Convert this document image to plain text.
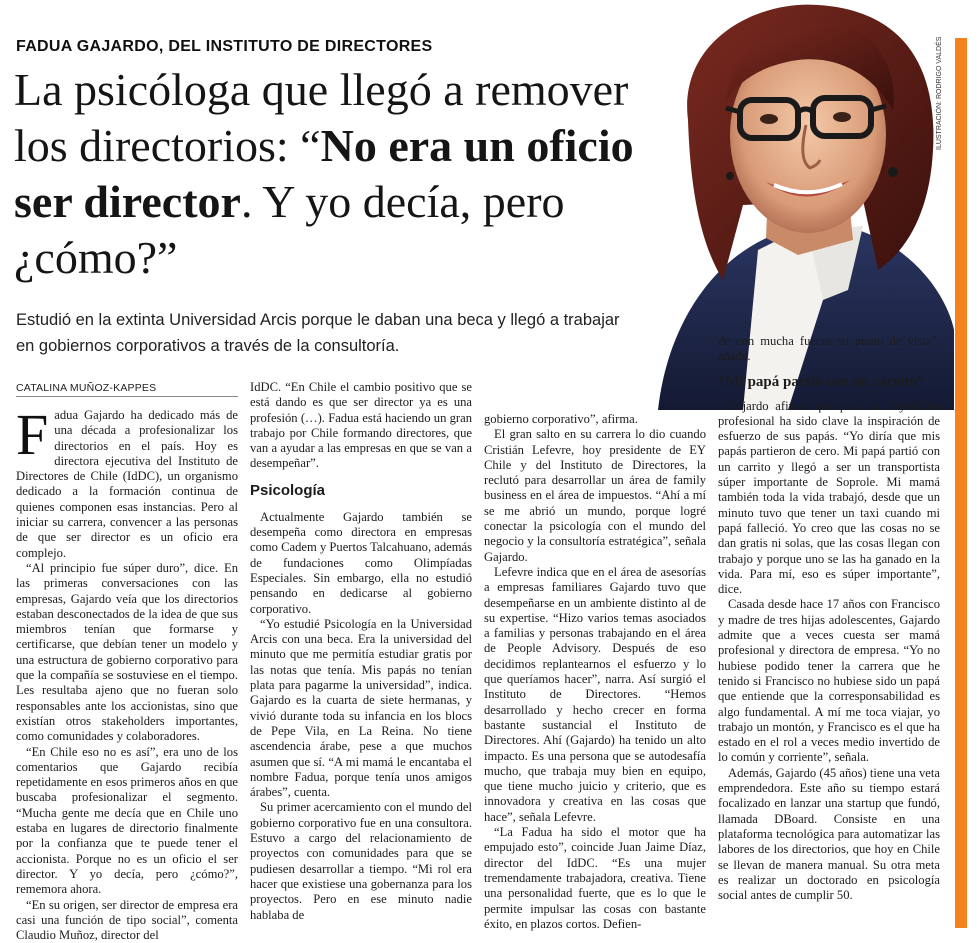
ILUSTRACIÓN: RODRIGO VALDÉS
FADUA GAJARDO, DEL INSTITUTO DE DIRECTORES
La psicóloga que llegó a remover los directorios: “No era un oficio ser director. Y yo decía, pero ¿cómo?”
Estudió en la extinta Universidad Arcis porque le daban una beca y llegó a trabajar en gobiernos corporativos a través de la consultoría.
CATALINA MUÑOZ-KAPPES

Fadua Gajardo ha dedicado más de una década a profesionalizar los directorios en el país. Hoy es directora ejecutiva del Instituto de Directores de Chile (IdDC), un organismo dedicado a la formación continua de quienes componen esas instancias. Pero al iniciar su carrera, convencer a las personas de que ser director es un oficio era complejo.

“Al principio fue súper duro”, dice. En las primeras conversaciones con las empresas, Gajardo veía que los directorios estaban desconectados de la idea de que sus miembros tenían que formarse y certificarse, que debían tener un modelo y una estructura de gobierno corporativo para que la compañía se sostuviese en el tiempo. Les resultaba ajeno que no fueran solo responsables ante los accionistas, sino que existían otros stakeholders importantes, como comunidades y colaboradores.

“En Chile eso no es así”, era uno de los comentarios que Gajardo recibía repetidamente en esos primeros años en que buscaba profesionalizar el segmento. “Mucha gente me decía que en Chile uno estaba en lugares de directorio finalmente por la confianza que te puede tener el accionista. Porque no es un oficio el ser director. Y yo decía, pero ¿cómo?”, rememora ahora.

“En su origen, ser director de empresa era casi una función de tipo social”, comenta Claudio Muñoz, director del

IdDC. “En Chile el cambio positivo que se está dando es que ser director ya es una profesión (…). Fadua está haciendo un gran trabajo por Chile formando directores, que van a ayudar a las empresas en que se van a desempeñar”.

Psicología

Actualmente Gajardo también se desempeña como directora en empresas como Cadem y Puertos Talcahuano, además de fundaciones como Olimpíadas Especiales. Sin embargo, ella no estudió pensando en dedicarse al gobierno corporativo.

“Yo estudié Psicología en la Universidad Arcis con una beca. Era la universidad del minuto que me permitía estudiar gratis por las notas que tenía. Mis papás no tenían plata para pagarme la universidad”, indica. Gajardo es la cuarta de siete hermanas, y vivió durante toda su infancia en los blocs de Pepe Vila, en La Reina. No tiene ascendencia árabe, pese a que muchos asumen que sí. “A mi mamá le encantaba el nombre Fadua, porque tenía unos amigos árabes”, cuenta.

Su primer acercamiento con el mundo del gobierno corporativo fue en una consultora. Estuvo a cargo del relacionamiento de proyectos con comunidades para que se pudiesen desarrollar a tiempo. “Mi rol era hacer que existiese una gobernanza para los proyectos. Pero en ese minuto nadie hablaba de

gobierno corporativo”, afirma.

El gran salto en su carrera lo dio cuando Cristián Lefevre, hoy presidente de EY Chile y del Instituto de Directores, la reclutó para desarrollar un área de family business en el área de impuestos. “Ahí a mí se me abrió un mundo, porque logré conectar la psicología con el mundo del negocio y la consultoría estratégica”, señala Gajardo.

Lefevre indica que en el área de asesorías a empresas familiares Gajardo tuvo que desempeñarse en un ambiente distinto al de su expertise. “Hizo varios temas asociados a familias y personas trabajando en el área de People Advisory. Después de eso decidimos replantearnos el esfuerzo y lo que queríamos hacer”, narra. Así surgió el Instituto de Directores. “Hemos desarrollado y hecho crecer en forma bastante sustancial el Instituto de Directores. Ahí (Gajardo) ha tenido un alto impacto. Es una persona que se autodesafía mucho, que trabaja muy bien en equipo, que tiene mucho juicio y criterio, que es innovadora y creativa en las cosas que hace”, señala Lefevre.

“La Fadua ha sido el motor que ha empujado esto”, coincide Juan Jaime Díaz, director del IdDC. “Es una mujer tremendamente trabajadora, creativa. Tiene una personalidad fuerte, que es lo que le permite impulsar las cosas con bastante éxito, en plazos cortos. Defien-

de con mucha fuerza su punto de vista”, añade.

“Mi papá partió con un carrito”

Gajardo afirma que para su trayectoria profesional ha sido clave la inspiración de esfuerzo de sus papás. “Yo diría que mis papás partieron de cero. Mi papá partió con un carrito y llegó a ser un transportista súper importante de Soprole. Mi mamá también toda la vida trabajó, desde que un minuto tuvo que tener un taxi cuando mi papá falleció. Yo creo que las cosas no se dan gratis ni solas, que las cosas llegan con trabajo y porque uno se las ha ganado en la vida. Para mí, eso es súper importante”, dice.

Casada desde hace 17 años con Francisco y madre de tres hijas adolescentes, Gajardo admite que a veces cuesta ser mamá profesional y directora de empresa. “Yo no hubiese podido tener la carrera que he tenido si Francisco no hubiese sido un papá que entiende que la corresponsabilidad es algo fundamental. A mí me toca viajar, yo trabajo un montón, y Francisco es el que ha estado en el rol a veces medio invertido de lo común y corriente”, señala.

Además, Gajardo (45 años) tiene una veta emprendedora. Este año su tiempo estará focalizado en lanzar una startup que fundó, llamada DBoard. Consiste en una plataforma tecnológica para automatizar las labores de los directorios, que hoy en Chile se llevan de manera manual. Su otra meta es realizar un doctorado en psicología social antes de cumplir 50.
